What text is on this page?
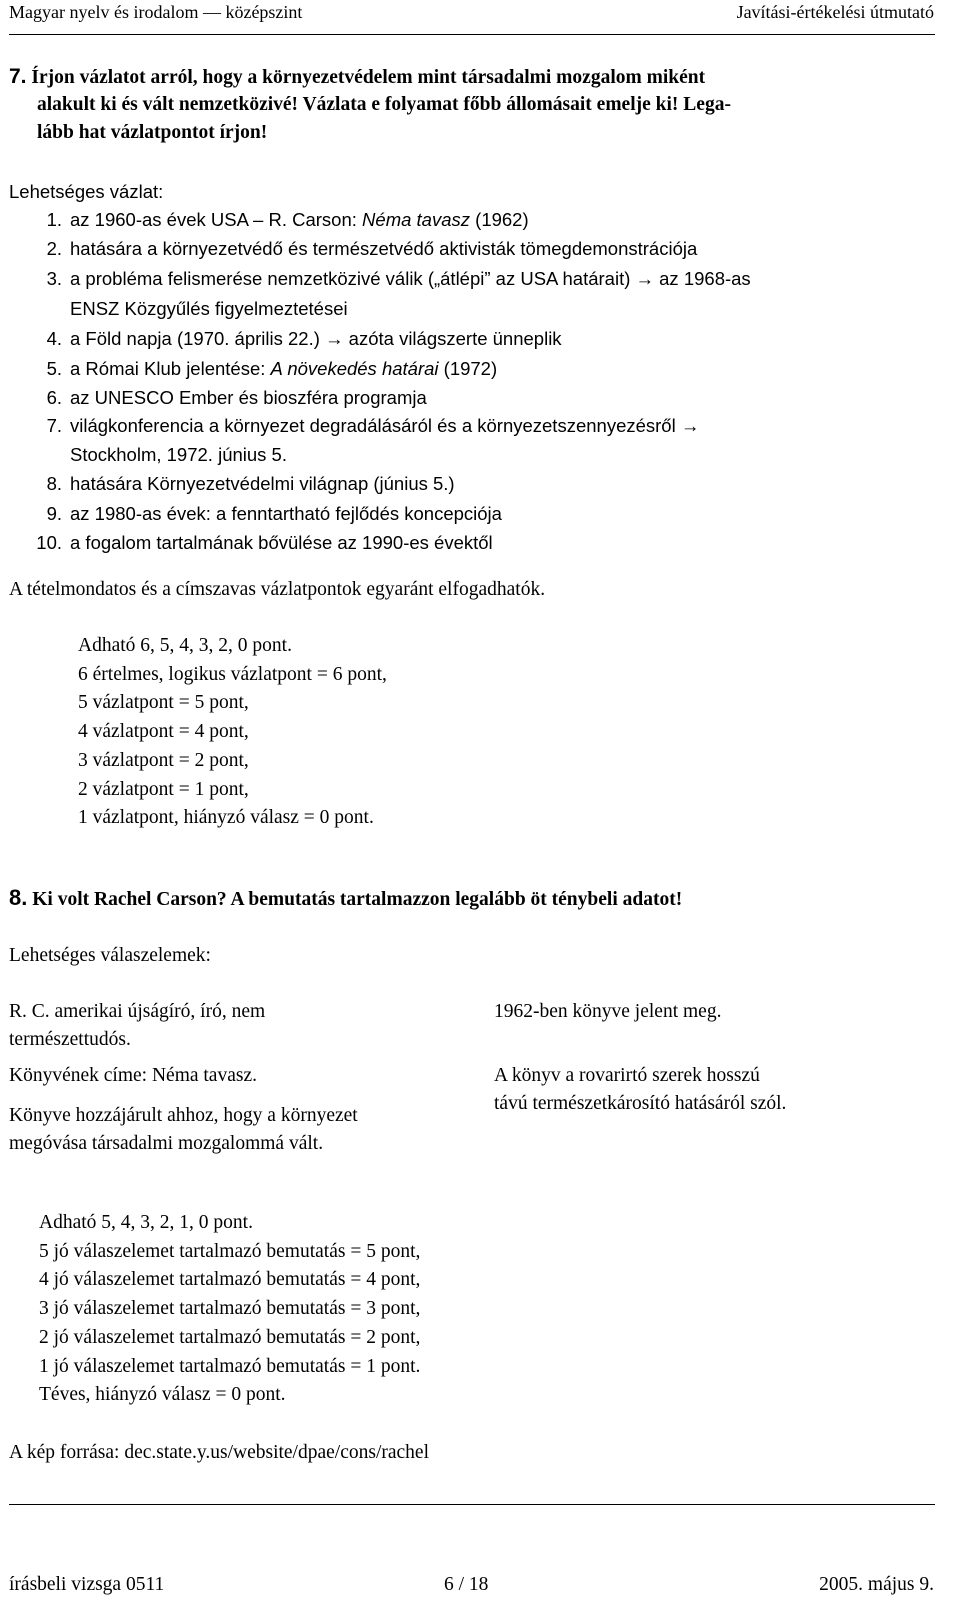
Magyar nyelv és irodalom — középszint	Javítási-értékelési útmutató
7. Írjon vázlatot arról, hogy a környezetvédelem mint társadalmi mozgalom miként
alakult ki és vált nemzetközivé! Vázlata e folyamat főbb állomásait emelje ki! Lega-
lább hat vázlatpontot írjon!
Lehetséges vázlat:
1. az 1960-as évek USA – R. Carson: Néma tavasz (1962)
2. hatására a környezetvédő és természetvédő aktivisták tömegdemonstrációja
3. a probléma felismerése nemzetközivé válik („átlépi” az USA határait) → az 1968-as
ENSZ Közgyűlés figyelmeztetései
4. a Föld napja (1970. április 22.) → azóta világszerte ünneplik
5. a Római Klub jelentése: A növekedés határai (1972)
6. az UNESCO Ember és bioszféra programja
7. világkonferencia a környezet degradálásáról és a környezetszennyezésről →
Stockholm, 1972. június 5.
8. hatására Környezetvédelmi világnap (június 5.)
9. az 1980-as évek: a fenntartható fejlődés koncepciója
10. a fogalom tartalmának bővülése az 1990-es évektől
A tételmondatos és a címszavas vázlatpontok egyaránt elfogadhatók.
Adható 6, 5, 4, 3, 2, 0 pont.
6 értelmes, logikus vázlatpont = 6 pont,
5 vázlatpont = 5 pont,
4 vázlatpont = 4 pont,
3 vázlatpont = 2 pont,
2 vázlatpont = 1 pont,
1 vázlatpont, hiányzó válasz = 0 pont.
8. Ki volt Rachel Carson? A bemutatás tartalmazzon legalább öt ténybeli adatot!
Lehetséges válaszelemek:
R. C. amerikai újságíró, író, nem
természettudós.
Könyvének címe: Néma tavasz.
Könyve hozzájárult ahhoz, hogy a környezet
megóvása társadalmi mozgalommá vált.
1962-ben könyve jelent meg.
A könyv a rovarirtó szerek hosszú
távú természetkárosító hatásáról szól.
Adható 5, 4, 3, 2, 1, 0 pont.
5 jó válaszelemet tartalmazó bemutatás = 5 pont,
4 jó válaszelemet tartalmazó bemutatás = 4 pont,
3 jó válaszelemet tartalmazó bemutatás = 3 pont,
2 jó válaszelemet tartalmazó bemutatás = 2 pont,
1 jó válaszelemet tartalmazó bemutatás = 1 pont.
Téves, hiányzó válasz = 0 pont.
A kép forrása: dec.state.y.us/website/dpae/cons/rachel
írásbeli vizsga 0511	6 / 18	2005. május 9.
